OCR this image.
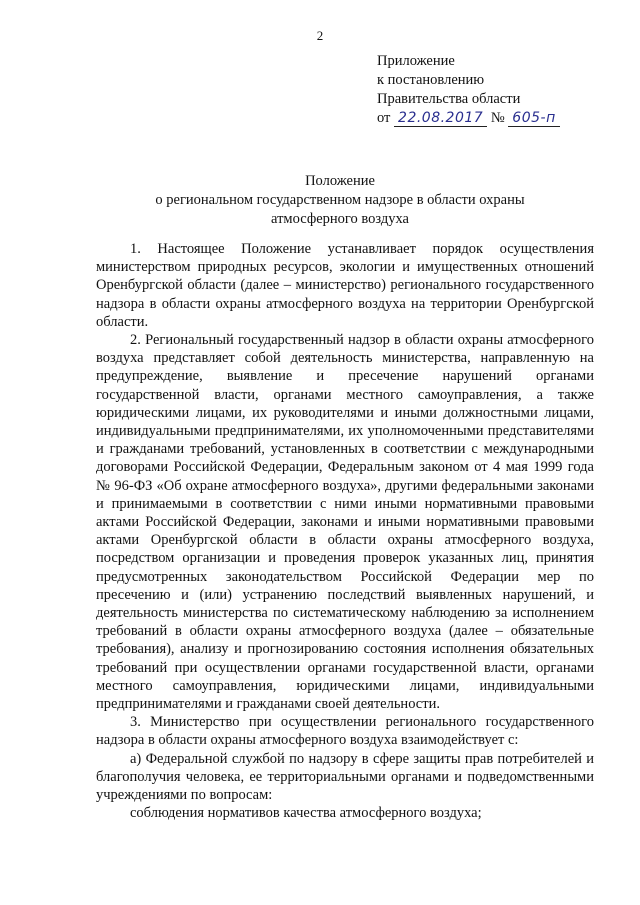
2
Приложение
к постановлению
Правительства области
от 22.08.2017 № 605-п
Положение
о региональном государственном надзоре в области охраны
атмосферного воздуха

1. Настоящее Положение устанавливает порядок осуществления министерством природных ресурсов, экологии и имущественных отношений Оренбургской области (далее – министерство) регионального государственного надзора в области охраны атмосферного воздуха на территории Оренбургской области.

2. Региональный государственный надзор в области охраны атмосферного воздуха представляет собой деятельность министерства, направленную на предупреждение, выявление и пресечение нарушений органами государственной власти, органами местного самоуправления, а также юридическими лицами, их руководителями и иными должностными лицами, индивидуальными предпринимателями, их уполномоченными представителями и гражданами требований, установленных в соответствии с международными договорами Российской Федерации, Федеральным законом от 4 мая 1999 года № 96-ФЗ «Об охране атмосферного воздуха», другими федеральными законами и принимаемыми в соответствии с ними иными нормативными правовыми актами Российской Федерации, законами и иными нормативными правовыми актами Оренбургской области в области охраны атмосферного воздуха, посредством организации и проведения проверок указанных лиц, принятия предусмотренных законодательством Российской Федерации мер по пресечению и (или) устранению последствий выявленных нарушений, и деятельность министерства по систематическому наблюдению за исполнением требований в области охраны атмосферного воздуха (далее – обязательные требования), анализу и прогнозированию состояния исполнения обязательных требований при осуществлении органами государственной власти, органами местного самоуправления, юридическими лицами, индивидуальными предпринимателями и гражданами своей деятельности.

3. Министерство при осуществлении регионального государственного надзора в области охраны атмосферного воздуха взаимодействует с:

а) Федеральной службой по надзору в сфере защиты прав потребителей и благополучия человека, ее территориальными органами и подведомственными учреждениями по вопросам:

соблюдения нормативов качества атмосферного воздуха;
